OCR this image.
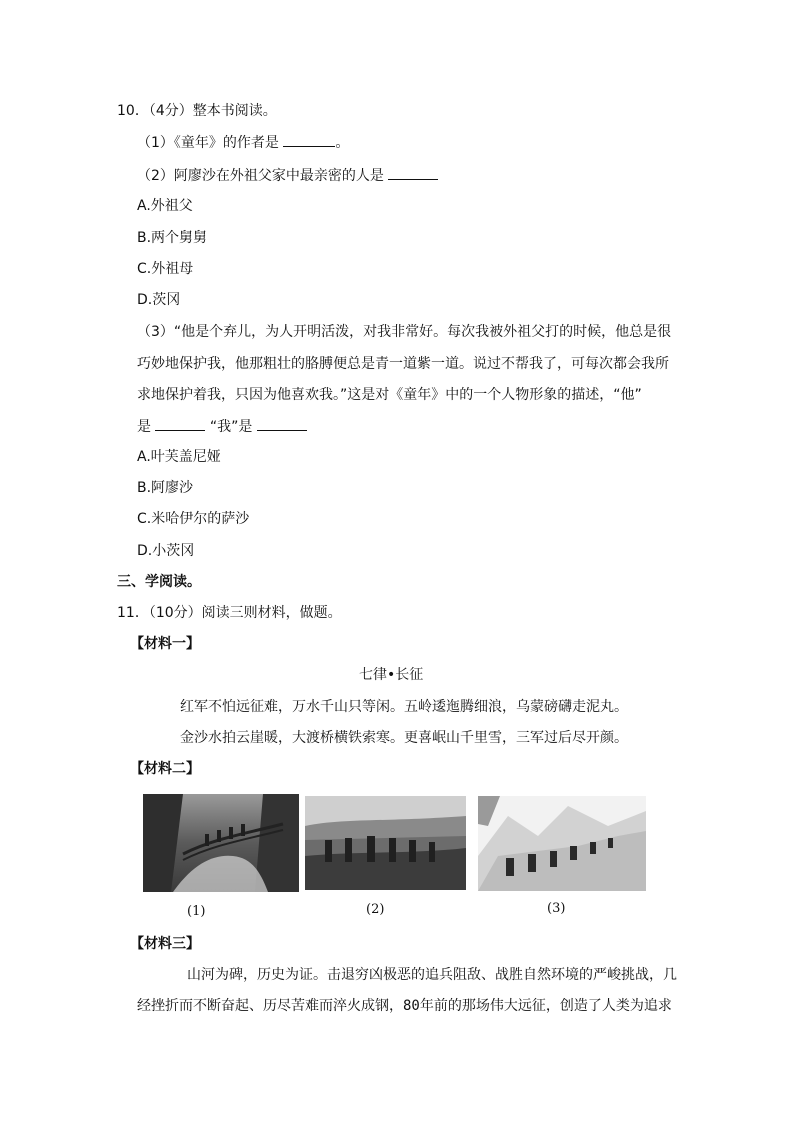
10．（4分）整本书阅读。
（1）《童年》的作者是	。
（2）阿廖沙在外祖父家中最亲密的人是
A.外祖父
B.两个舅舅
C.外祖母
D.茨冈
（3）“他是个弃儿，为人开明活泼，对我非常好。每次我被外祖父打的时候，他总是很
巧妙地保护我，他那粗壮的胳膊便总是青一道紫一道。说过不帮我了，可每次都会我所
求地保护着我，只因为他喜欢我。”这是对《童年》中的一个人物形象的描述，“他”
是	“我”是
A.叶芙盖尼娅
B.阿廖沙
C.米哈伊尔的萨沙
D.小茨冈
三、学阅读。
11．（10分）阅读三则材料，做题。
【材料一】
七律•长征
红军不怕远征难，万水千山只等闲。五岭逶迤腾细浪，乌蒙磅礴走泥丸。
金沙水拍云崖暖，大渡桥横铁索寒。更喜岷山千里雪，三军过后尽开颜。
【材料二】
(1)	(2)	(3)
【材料三】
山河为碑，历史为证。击退穷凶极恶的追兵阻敌、战胜自然环境的严峻挑战，几
经挫折而不断奋起、历尽苦难而淬火成钢，80年前的那场伟大远征，创造了人类为追求
